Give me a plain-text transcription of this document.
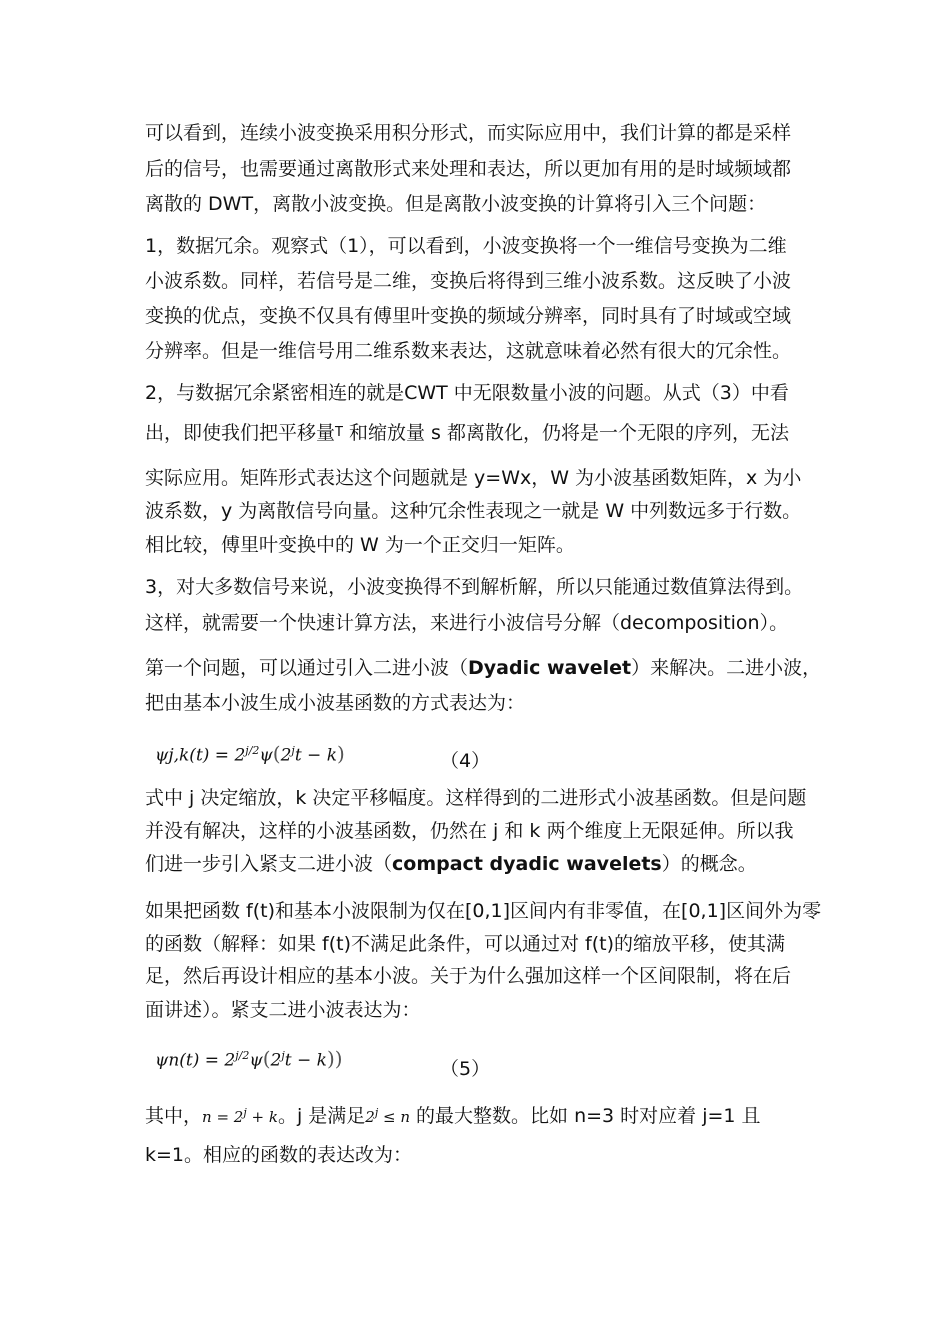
可以看到，连续小波变换采用积分形式，而实际应用中，我们计算的都是采样
后的信号，也需要通过离散形式来处理和表达，所以更加有用的是时域频域都
离散的 DWT，离散小波变换。但是离散小波变换的计算将引入三个问题：
1，数据冗余。观察式（1），可以看到，小波变换将一个一维信号变换为二维
小波系数。同样，若信号是二维，变换后将得到三维小波系数。这反映了小波
变换的优点，变换不仅具有傅里叶变换的频域分辨率，同时具有了时域或空域
分辨率。但是一维信号用二维系数来表达，这就意味着必然有很大的冗余性。
2，与数据冗余紧密相连的就是CWT 中无限数量小波的问题。从式（3）中看
出，即使我们把平移量T 和缩放量 s 都离散化，仍将是一个无限的序列，无法
实际应用。矩阵形式表达这个问题就是 y=Wx，W 为小波基函数矩阵，x 为小
波系数，y 为离散信号向量。这种冗余性表现之一就是 W 中列数远多于行数。
相比较，傅里叶变换中的 W 为一个正交归一矩阵。
3，对大多数信号来说，小波变换得不到解析解，所以只能通过数值算法得到。
这样，就需要一个快速计算方法，来进行小波信号分解（decomposition）。
第一个问题，可以通过引入二进小波（Dyadic wavelet）来解决。二进小波，
把由基本小波生成小波基函数的方式表达为：
$\psi j,k(t) = 2^{j/2}\psi(2^jt - k)$	（4）
式中 j 决定缩放，k 决定平移幅度。这样得到的二进形式小波基函数。但是问题
并没有解决，这样的小波基函数，仍然在 j 和 k 两个维度上无限延伸。所以我
们进一步引入紧支二进小波（compact dyadic wavelets）的概念。
如果把函数 f(t)和基本小波限制为仅在[0,1]区间内有非零值，在[0,1]区间外为零
的函数（解释：如果 f(t)不满足此条件，可以通过对 f(t)的缩放平移，使其满
足，然后再设计相应的基本小波。关于为什么强加这样一个区间限制，将在后
面讲述）。紧支二进小波表达为：
$\psi n(t) = 2^{j/2}\psi(2^jt - k)$)	（5）
其中，$n = 2^j + k$。j 是满足$2^j \le n$ 的最大整数。比如 n=3 时对应着 j=1 且
k=1。相应的函数的表达改为：
